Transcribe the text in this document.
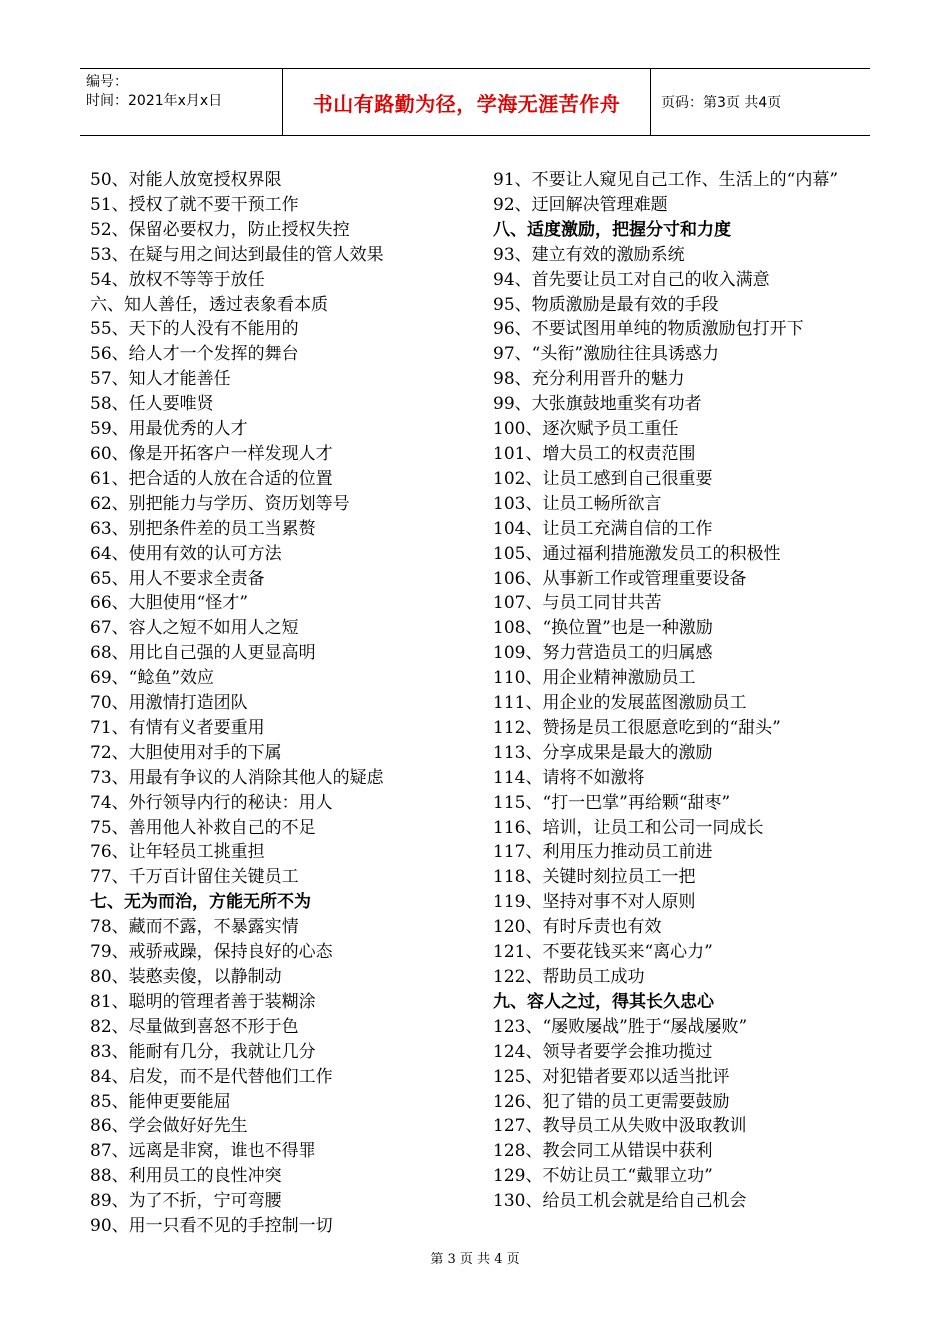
编号：
时间：2021年x月x日	书山有路勤为径，学海无涯苦作舟	页码：第3页 共4页
50、对能人放宽授权界限
51、授权了就不要干预工作
52、保留必要权力，防止授权失控
53、在疑与用之间达到最佳的管人效果
54、放权不等等于放任
六、知人善任，透过表象看本质
55、天下的人没有不能用的
56、给人才一个发挥的舞台
57、知人才能善任
58、任人要唯贤
59、用最优秀的人才
60、像是开拓客户一样发现人才
61、把合适的人放在合适的位置
62、别把能力与学历、资历划等号
63、别把条件差的员工当累赘
64、使用有效的认可方法
65、用人不要求全责备
66、大胆使用“怪才”
67、容人之短不如用人之短
68、用比自己强的人更显高明
69、“鲶鱼”效应
70、用激情打造团队
71、有情有义者要重用
72、大胆使用对手的下属
73、用最有争议的人消除其他人的疑虑
74、外行领导内行的秘诀：用人
75、善用他人补救自己的不足
76、让年轻员工挑重担
77、千万百计留住关键员工
七、无为而治，方能无所不为
78、藏而不露，不暴露实情
79、戒骄戒躁，保持良好的心态
80、装憨卖傻，以静制动
81、聪明的管理者善于装糊涂
82、尽量做到喜怒不形于色
83、能耐有几分，我就让几分
84、启发，而不是代替他们工作
85、能伸更要能屈
86、学会做好好先生
87、远离是非窝，谁也不得罪
88、利用员工的良性冲突
89、为了不折，宁可弯腰
90、用一只看不见的手控制一切
91、不要让人窥见自己工作、生活上的“内幕”
92、迂回解决管理难题
八、适度激励，把握分寸和力度
93、建立有效的激励系统
94、首先要让员工对自己的收入满意
95、物质激励是最有效的手段
96、不要试图用单纯的物质激励包打开下
97、“头衔”激励往往具诱惑力
98、充分利用晋升的魅力
99、大张旗鼓地重奖有功者
100、逐次赋予员工重任
101、增大员工的权责范围
102、让员工感到自己很重要
103、让员工畅所欲言
104、让员工充满自信的工作
105、通过福利措施激发员工的积极性
106、从事新工作或管理重要设备
107、与员工同甘共苦
108、“换位置”也是一种激励
109、努力营造员工的归属感
110、用企业精神激励员工
111、用企业的发展蓝图激励员工
112、赞扬是员工很愿意吃到的“甜头”
113、分享成果是最大的激励
114、请将不如激将
115、“打一巴掌”再给颗“甜枣”
116、培训，让员工和公司一同成长
117、利用压力推动员工前进
118、关键时刻拉员工一把
119、坚持对事不对人原则
120、有时斥责也有效
121、不要花钱买来“离心力”
122、帮助员工成功
九、容人之过，得其长久忠心
123、“屡败屡战”胜于“屡战屡败”
124、领导者要学会推功揽过
125、对犯错者要邓以适当批评
126、犯了错的员工更需要鼓励
127、教导员工从失败中汲取教训
128、教会同工从错误中获利
129、不妨让员工“戴罪立功”
130、给员工机会就是给自己机会
第 3 页 共 4 页
